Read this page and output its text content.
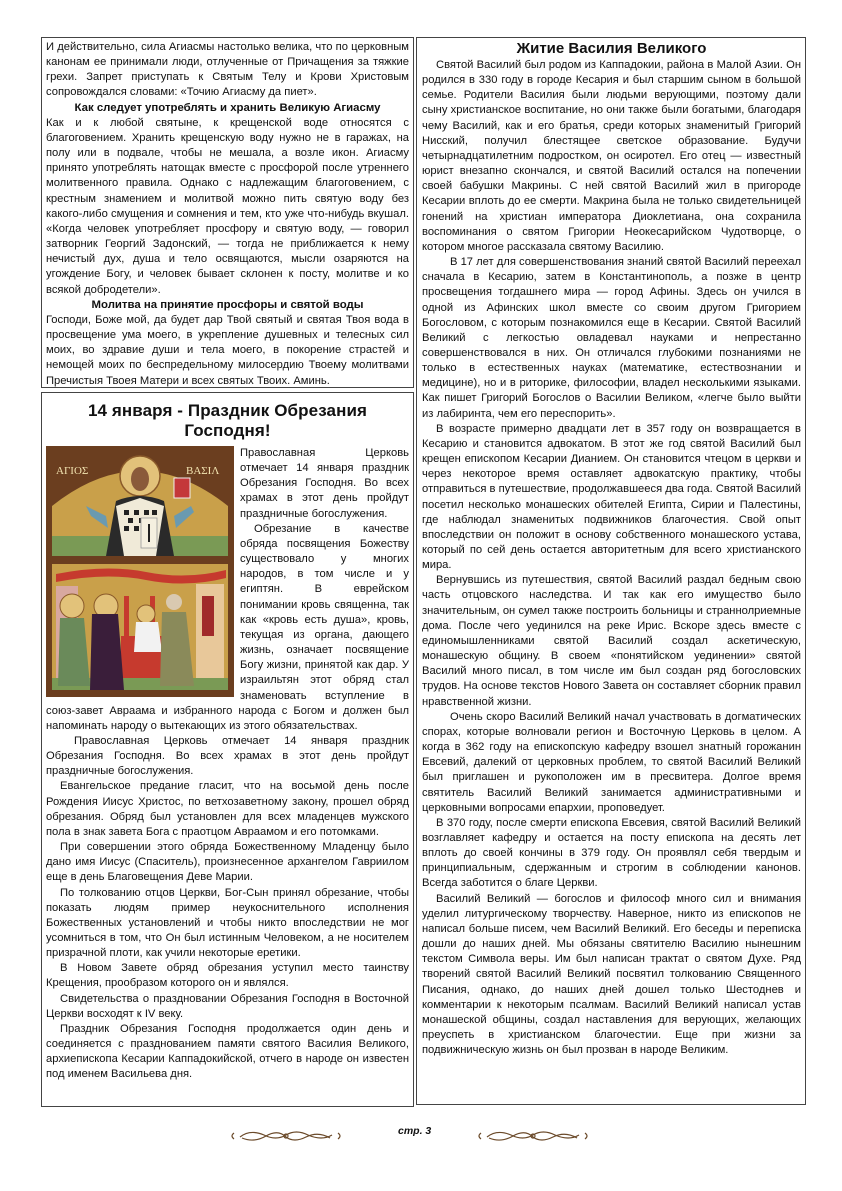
И действительно, сила Агиасмы настолько велика, что по церковным канонам ее принимали люди, отлученные от Причащения за тяжкие грехи. Запрет приступать к Святым Телу и Крови Христовым сопровождался словами: «Точию Агиасму да пиет».

Как следует употреблять и хранить Великую Агиасму

Как и к любой святыне, к крещенской воде относятся с благоговением. Хранить крещенскую воду нужно не в гаражах, на полу или в подвале, чтобы не мешала, а возле икон. Агиасму принято употреблять натощак вместе с просфорой после утреннего молитвенного правила. Однако с надлежащим благоговением, с крестным знамением и молитвой можно пить святую воду без какого-либо смущения и сомнения и тем, кто уже что-нибудь вкушал. «Когда человек употребляет просфору и святую воду, — говорил затворник Георгий Задонский, — тогда не приближается к нему нечистый дух, душа и тело освящаются, мысли озаряются на угождение Богу, и человек бывает склонен к посту, молитве и ко всякой добродетели».

Молитва на принятие просфоры и святой воды

Господи, Боже мой, да будет дар Твой святый и святая Твоя вода в просвещение ума моего, в укрепление душевных и телесных сил моих, во здравие души и тела моего, в покорение страстей и немощей моих по беспредельному милосердию Твоему молитвами Пречистыя Твоея Матери и всех святых Твоих. Аминь.

14 января - Праздник Обрезания Господня!
ΑΓΙΟΣ	ΒΑΣΙΛ

Православная Церковь отмечает 14 января праздник Обрезания Господня. Во всех храмах в этот день пройдут праздничные богослужения.

Обрезание в качестве обряда посвящения Божеству существовало у многих народов, в том числе и у египтян. В еврейском понимании кровь священна, так как «кровь есть душа», кровь, текущая из органа, дающего жизнь, означает посвящение Богу жизни, принятой как дар. У израильтян этот обряд стал знаменовать вступление в союз-завет Авраама и избранного народа с Богом и должен был напоминать народу о вытекающих из этого обязательствах.

Православная Церковь отмечает 14 января праздник Обрезания Господня. Во всех храмах в этот день пройдут праздничные богослужения.

Евангельское предание гласит, что на восьмой день после Рождения Иисус Христос, по ветхозаветному закону, прошел обряд обрезания. Обряд был установлен для всех младенцев мужского пола в знак завета Бога с праотцом Авраамом и его потомками.

При совершении этого обряда Божественному Младенцу было дано имя Иисус (Спаситель), произнесенное архангелом Гавриилом еще в день Благовещения Деве Марии.

По толкованию отцов Церкви, Бог-Сын принял обрезание, чтобы показать людям пример неукоснительного исполнения Божественных установлений и чтобы никто впоследствии не мог усомниться в том, что Он был истинным Человеком, а не носителем призрачной плоти, как учили некоторые еретики.

В Новом Завете обряд обрезания уступил место таинству Крещения, прообразом которого он и являлся.

Свидетельства о праздновании Обрезания Господня в Восточной Церкви восходят к IV веку.

Праздник Обрезания Господня продолжается один день и соединяется с празднованием памяти святого Василия Великого, архиепископа Кесарии Каппадокийской, отчего в народе он известен под именем Васильева дня.

Житие Василия Великого

Святой Василий был родом из Каппадокии, района в Малой Азии. Он родился в 330 году в городе Кесария и был старшим сыном в большой семье. Родители Василия были людьми верующими, поэтому дали сыну христианское воспитание, но они также были богатыми, благодаря чему Василий, как и его братья, среди которых знаменитый Григорий Нисский, получил блестящее светское образование. Будучи четырнадцатилетним подростком, он осиротел. Его отец — известный юрист внезапно скончался, и святой Василий остался на попечении своей бабушки Макрины. С ней святой Василий жил в пригороде Кесарии вплоть до ее смерти. Макрина была не только свидетельницей гонений на христиан императора Диоклетиана, она сохранила воспоминания о святом Григории Неокесарийском Чудотворце, о котором многое рассказала святому Василию.

В 17 лет для совершенствования знаний святой Василий переехал сначала в Кесарию, затем в Константинополь, а позже в центр просвещения тогдашнего мира — город Афины. Здесь он учился в одной из Афинских школ вместе со своим другом Григорием Богословом, с которым познакомился еще в Кесарии. Святой Василий Великий с легкостью овладевал науками и непрестанно совершенствовался в них. Он отличался глубокими познаниями не только в естественных науках (математике, естествознании и медицине), но и в риторике, философии, владел несколькими языками. Как пишет Григорий Богослов о Василии Великом, «легче было выйти из лабиринта, чем его переспорить».

В возрасте примерно двадцати лет в 357 году он возвращается в Кесарию и становится адвокатом. В этот же год святой Василий был крещен епископом Кесарии Дианием. Он становится чтецом в церкви и через некоторое время оставляет адвокатскую практику, чтобы отправиться в путешествие, продолжавшееся два года. Святой Василий посетил несколько монашеских обителей Египта, Сирии и Палестины, где наблюдал знаменитых подвижников благочестия. Свой опыт впоследствии он положит в основу собственного монашеского устава, который по сей день остается авторитетным для всего христианского мира.

Вернувшись из путешествия, святой Василий раздал бедным свою часть отцовского наследства. И так как его имущество было значительным, он сумел также построить больницы и страннолриемные дома. После чего уединился на реке Ирис. Вскоре здесь вместе с единомышленниками святой Василий создал аскетическую, монашескую общину. В своем «понятийском уединении» святой Василий много писал, в том числе им был создан ряд богословских трудов. На основе текстов Нового Завета он составляет сборник правил нравственной жизни.

Очень скоро Василий Великий начал участвовать в догматических спорах, которые волновали регион и Восточную Церковь в целом. А когда в 362 году на епископскую кафедру взошел знатный горожанин Евсевий, далекий от церковных проблем, то святой Василий Великий был приглашен и рукоположен им в пресвитера. Долгое время святитель Василий Великий занимается административными и церковными вопросами епархии, проповедует.

В 370 году, после смерти епископа Евсевия, святой Василий Великий возглавляет кафедру и остается на посту епископа на десять лет вплоть до своей кончины в 379 году. Он проявлял себя твердым и принципиальным, сдержанным и строгим в соблюдении канонов. Всегда заботится о благе Церкви.

Василий Великий — богослов и философ много сил и внимания уделил литургическому творчеству. Наверное, никто из епископов не написал больше писем, чем Василий Великий. Его беседы и переписка дошли до наших дней. Мы обязаны святителю Василию нынешним текстом Символа веры. Им был написан трактат о святом Духе. Ряд творений святой Василий Великий посвятил толкованию Священного Писания, однако, до наших дней дошел только Шестоднев и комментарии к некоторым псалмам. Василий Великий написал устав монашеской общины, создал наставления для верующих, желающих преуспеть в христианском благочестии. Еще при жизни за подвижническую жизнь он был прозван в народе Великим.

стр. 3
